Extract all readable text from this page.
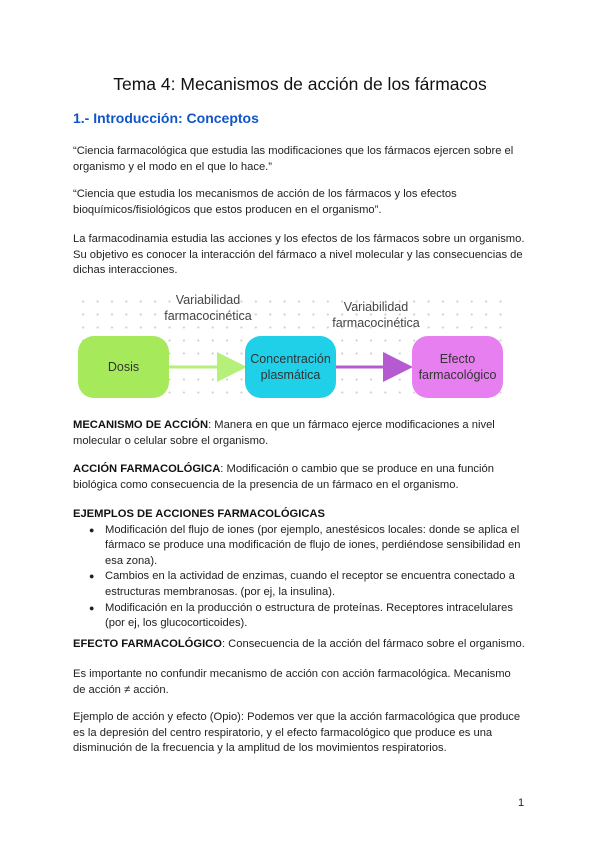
Tema 4: Mecanismos de acción de los fármacos
1.- Introducción: Conceptos
“Ciencia farmacológica que estudia las modificaciones que los fármacos ejercen sobre el organismo y el modo en el que lo hace.”
“Ciencia que estudia los mecanismos de acción de los fármacos y los efectos bioquímicos/fisiológicos que estos producen en el organismo”.
La farmacodinamia estudia las acciones y los efectos de los fármacos sobre un organismo. Su objetivo es conocer la interacción del fármaco a nivel molecular y las consecuencias de dichas interacciones.
Dosis
Concentración
plasmática
Efecto
farmacológico
Variabilidad
farmacocinética
Variabilidad
farmacocinética
MECANISMO DE ACCIÓN: Manera en que un fármaco ejerce modificaciones a nivel molecular o celular sobre el organismo.
ACCIÓN FARMACOLÓGICA: Modificación o cambio que se produce en una función biológica como consecuencia de la presencia de un fármaco en el organismo.
EJEMPLOS DE ACCIONES FARMACOLÓGICAS
● Modificación del flujo de iones (por ejemplo, anestésicos locales: donde se aplica el fármaco se produce una modificación de flujo de iones, perdiéndose sensibilidad en esa zona).
● Cambios en la actividad de enzimas, cuando el receptor se encuentra conectado a estructuras membranosas. (por ej, la insulina).
● Modificación en la producción o estructura de proteínas. Receptores intracelulares (por ej, los glucocorticoides).
EFECTO FARMACOLÓGICO: Consecuencia de la acción del fármaco sobre el organismo.
Es importante no confundir mecanismo de acción con acción farmacológica. Mecanismo de acción ≠ acción.
Ejemplo de acción y efecto (Opio): Podemos ver que la acción farmacológica que produce es la depresión del centro respiratorio, y el efecto farmacológico que produce es una disminución de la frecuencia y la amplitud de los movimientos respiratorios.
1
